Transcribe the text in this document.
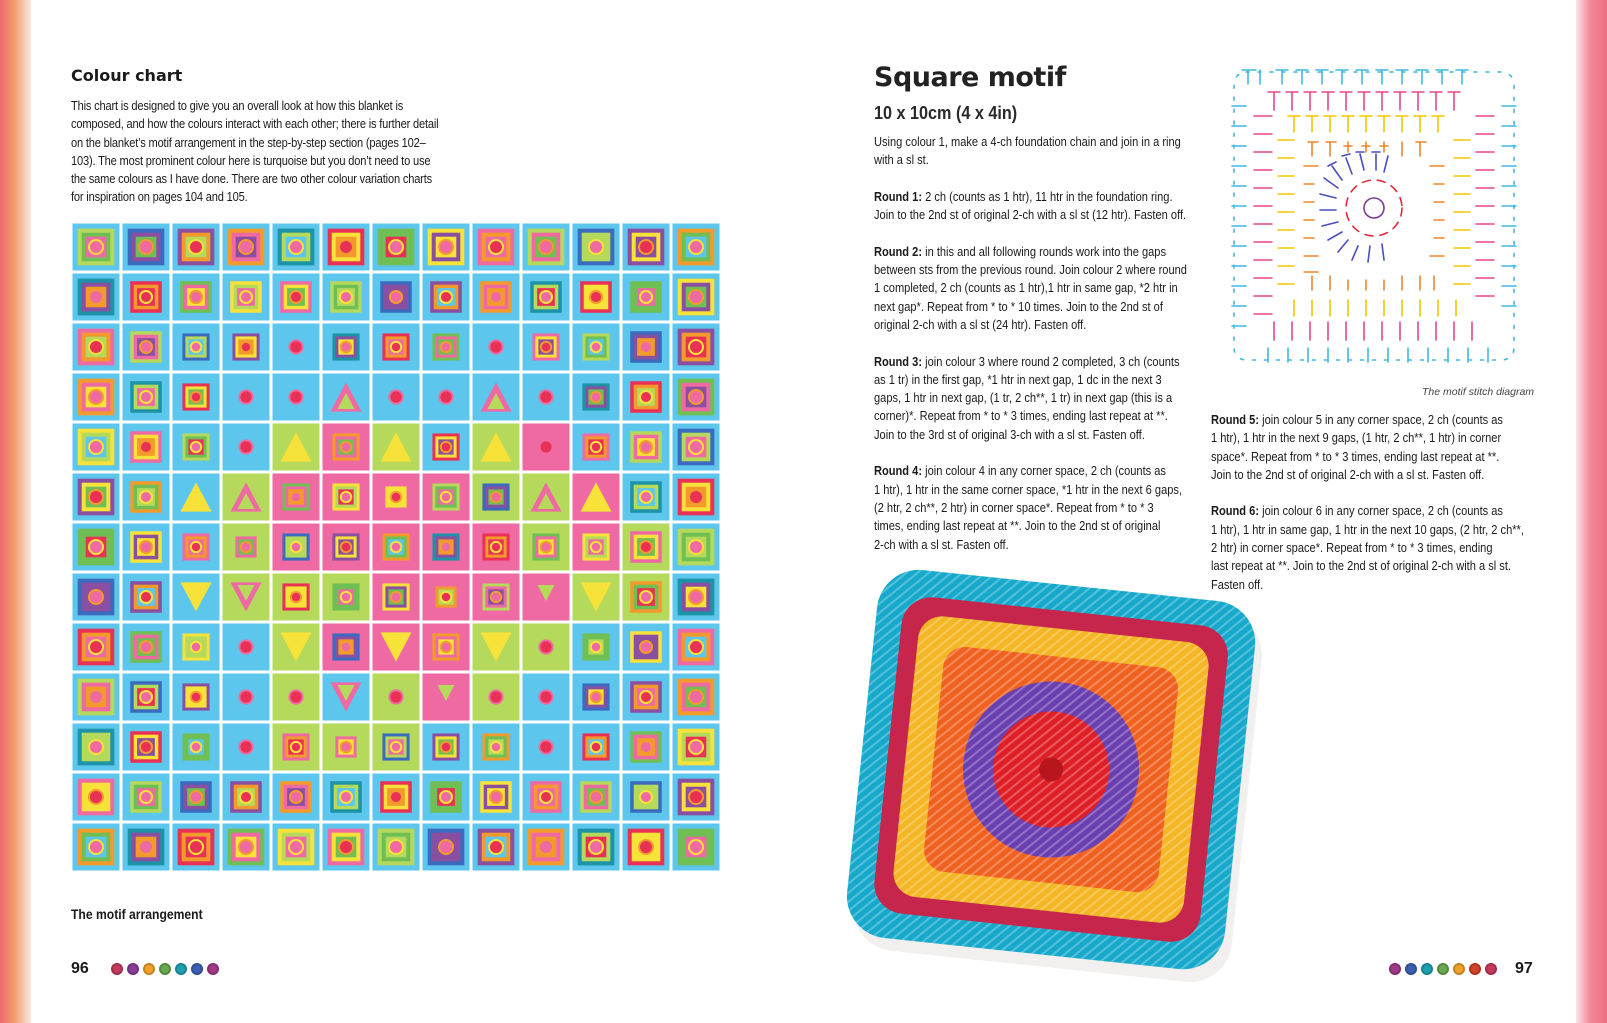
Colour chart
This chart is designed to give you an overall look at how this blanket is
composed, and how the colours interact with each other; there is further detail
on the blanket’s motif arrangement in the step-by-step section (pages 102–
103). The most prominent colour here is turquoise but you don’t need to use
the same colours as I have done. There are two other colour variation charts
for inspiration on pages 104 and 105.
The motif arrangement
96
Square motif
10 x 10cm (4 x 4in)

Using colour 1, make a 4-ch foundation chain and join in a ring
with a sl st.

Round 1: 2 ch (counts as 1 htr), 11 htr in the foundation ring.
Join to the 2nd st of original 2-ch with a sl st (12 htr). Fasten off.

Round 2: in this and all following rounds work into the gaps
between sts from the previous round. Join colour 2 where round
1 completed, 2 ch (counts as 1 htr),1 htr in same gap, *2 htr in
next gap*. Repeat from * to * 10 times. Join to the 2nd st of
original 2-ch with a sl st (24 htr). Fasten off.

Round 3: join colour 3 where round 2 completed, 3 ch (counts
as 1 tr) in the first gap, *1 htr in next gap, 1 dc in the next 3
gaps, 1 htr in next gap, (1 tr, 2 ch**, 1 tr) in next gap (this is a
corner)*. Repeat from * to * 3 times, ending last repeat at **.
Join to the 3rd st of original 3-ch with a sl st. Fasten off.

Round 4: join colour 4 in any corner space, 2 ch (counts as
1 htr), 1 htr in the same corner space, *1 htr in the next 6 gaps,
(2 htr, 2 ch**, 2 htr) in corner space*. Repeat from * to * 3
times, ending last repeat at **. Join to the 2nd st of original
2-ch with a sl st. Fasten off.

The motif stitch diagram

Round 5: join colour 5 in any corner space, 2 ch (counts as
1 htr), 1 htr in the next 9 gaps, (1 htr, 2 ch**, 1 htr) in corner
space*. Repeat from * to * 3 times, ending last repeat at **.
Join to the 2nd st of original 2-ch with a sl st. Fasten off.

Round 6: join colour 6 in any corner space, 2 ch (counts as
1 htr), 1 htr in same gap, 1 htr in the next 10 gaps, (2 htr, 2 ch**,
2 htr) in corner space*. Repeat from * to * 3 times, ending
last repeat at **. Join to the 2nd st of original 2-ch with a sl st.
Fasten off.

97
